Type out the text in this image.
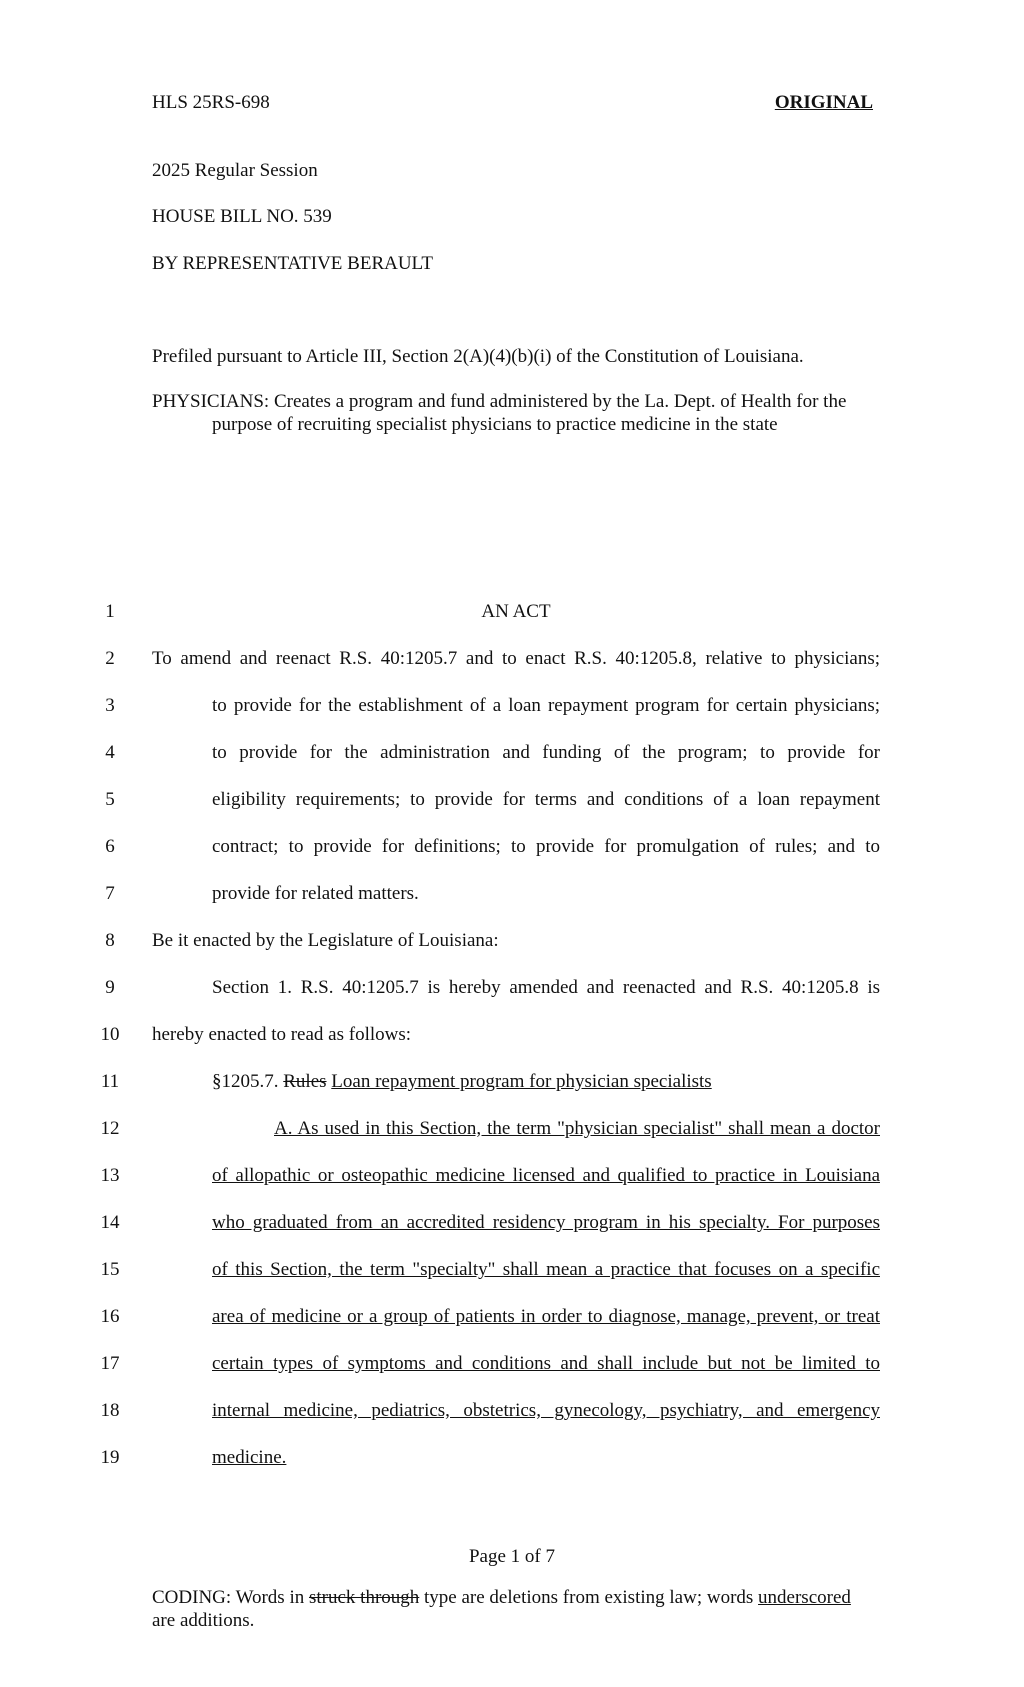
HLS 25RS-698	ORIGINAL
2025 Regular Session
HOUSE BILL NO. 539
BY REPRESENTATIVE BERAULT
Prefiled pursuant to Article III, Section 2(A)(4)(b)(i) of the Constitution of Louisiana.
PHYSICIANS: Creates a program and fund administered by the La. Dept. of Health for the
purpose of recruiting specialist physicians to practice medicine in the state
1	AN ACT
2	To amend and reenact R.S. 40:1205.7 and to enact R.S. 40:1205.8, relative to physicians;
3	to provide for the establishment of a loan repayment program for certain physicians;
4	to provide for the administration and funding of the program; to provide for
5	eligibility requirements; to provide for terms and conditions of a loan repayment
6	contract; to provide for definitions; to provide for promulgation of rules; and to
7	provide for related matters.
8	Be it enacted by the Legislature of Louisiana:
9	Section 1. R.S. 40:1205.7 is hereby amended and reenacted and R.S. 40:1205.8 is
10	hereby enacted to read as follows:
11	§1205.7. Rules Loan repayment program for physician specialists
12	A. As used in this Section, the term "physician specialist" shall mean a doctor
13	of allopathic or osteopathic medicine licensed and qualified to practice in Louisiana
14	who graduated from an accredited residency program in his specialty. For purposes
15	of this Section, the term "specialty" shall mean a practice that focuses on a specific
16	area of medicine or a group of patients in order to diagnose, manage, prevent, or treat
17	certain types of symptoms and conditions and shall include but not be limited to
18	internal medicine, pediatrics, obstetrics, gynecology, psychiatry, and emergency
19	medicine.
Page 1 of 7
CODING: Words in struck through type are deletions from existing law; words underscored
are additions.
